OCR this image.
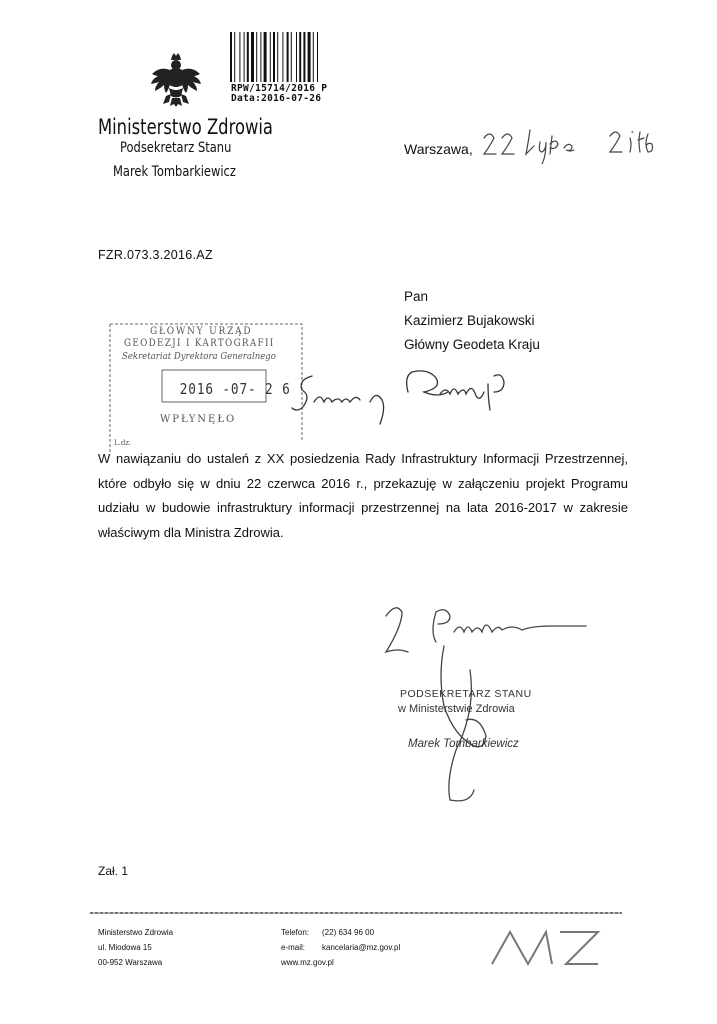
RPW/15714/2016 P
Data:2016-07-26
Ministerstwo Zdrowia
Podsekretarz Stanu
Marek Tombarkiewicz
Warszawa,
FZR.073.3.2016.AZ
Pan
Kazimierz Bujakowski
Główny Geodeta Kraju
GŁÓWNY URZĄD
GEODEZJI I KARTOGRAFII
Sekretariat Dyrektora Generalnego
2016 -07- 2 6
WPŁYNĘŁO
L.dz.
W nawiązaniu do ustaleń z XX posiedzenia Rady Infrastruktury Informacji Przestrzennej, które odbyło się w dniu 22 czerwca 2016 r., przekazuję w załączeniu projekt Programu udziału w budowie infrastruktury informacji przestrzennej na lata 2016-2017 w zakresie właściwym dla Ministra Zdrowia.
PODSEKRETARZ STANU
w Ministerstwie Zdrowia
Marek Tombarkiewicz
Zał. 1
Ministerstwo Zdrowia
ul. Miodowa 15
00-952 Warszawa
Telefon:
e-mail:
(22) 634 96 00
kancelaria@mz.gov.pl
www.mz.gov.pl
